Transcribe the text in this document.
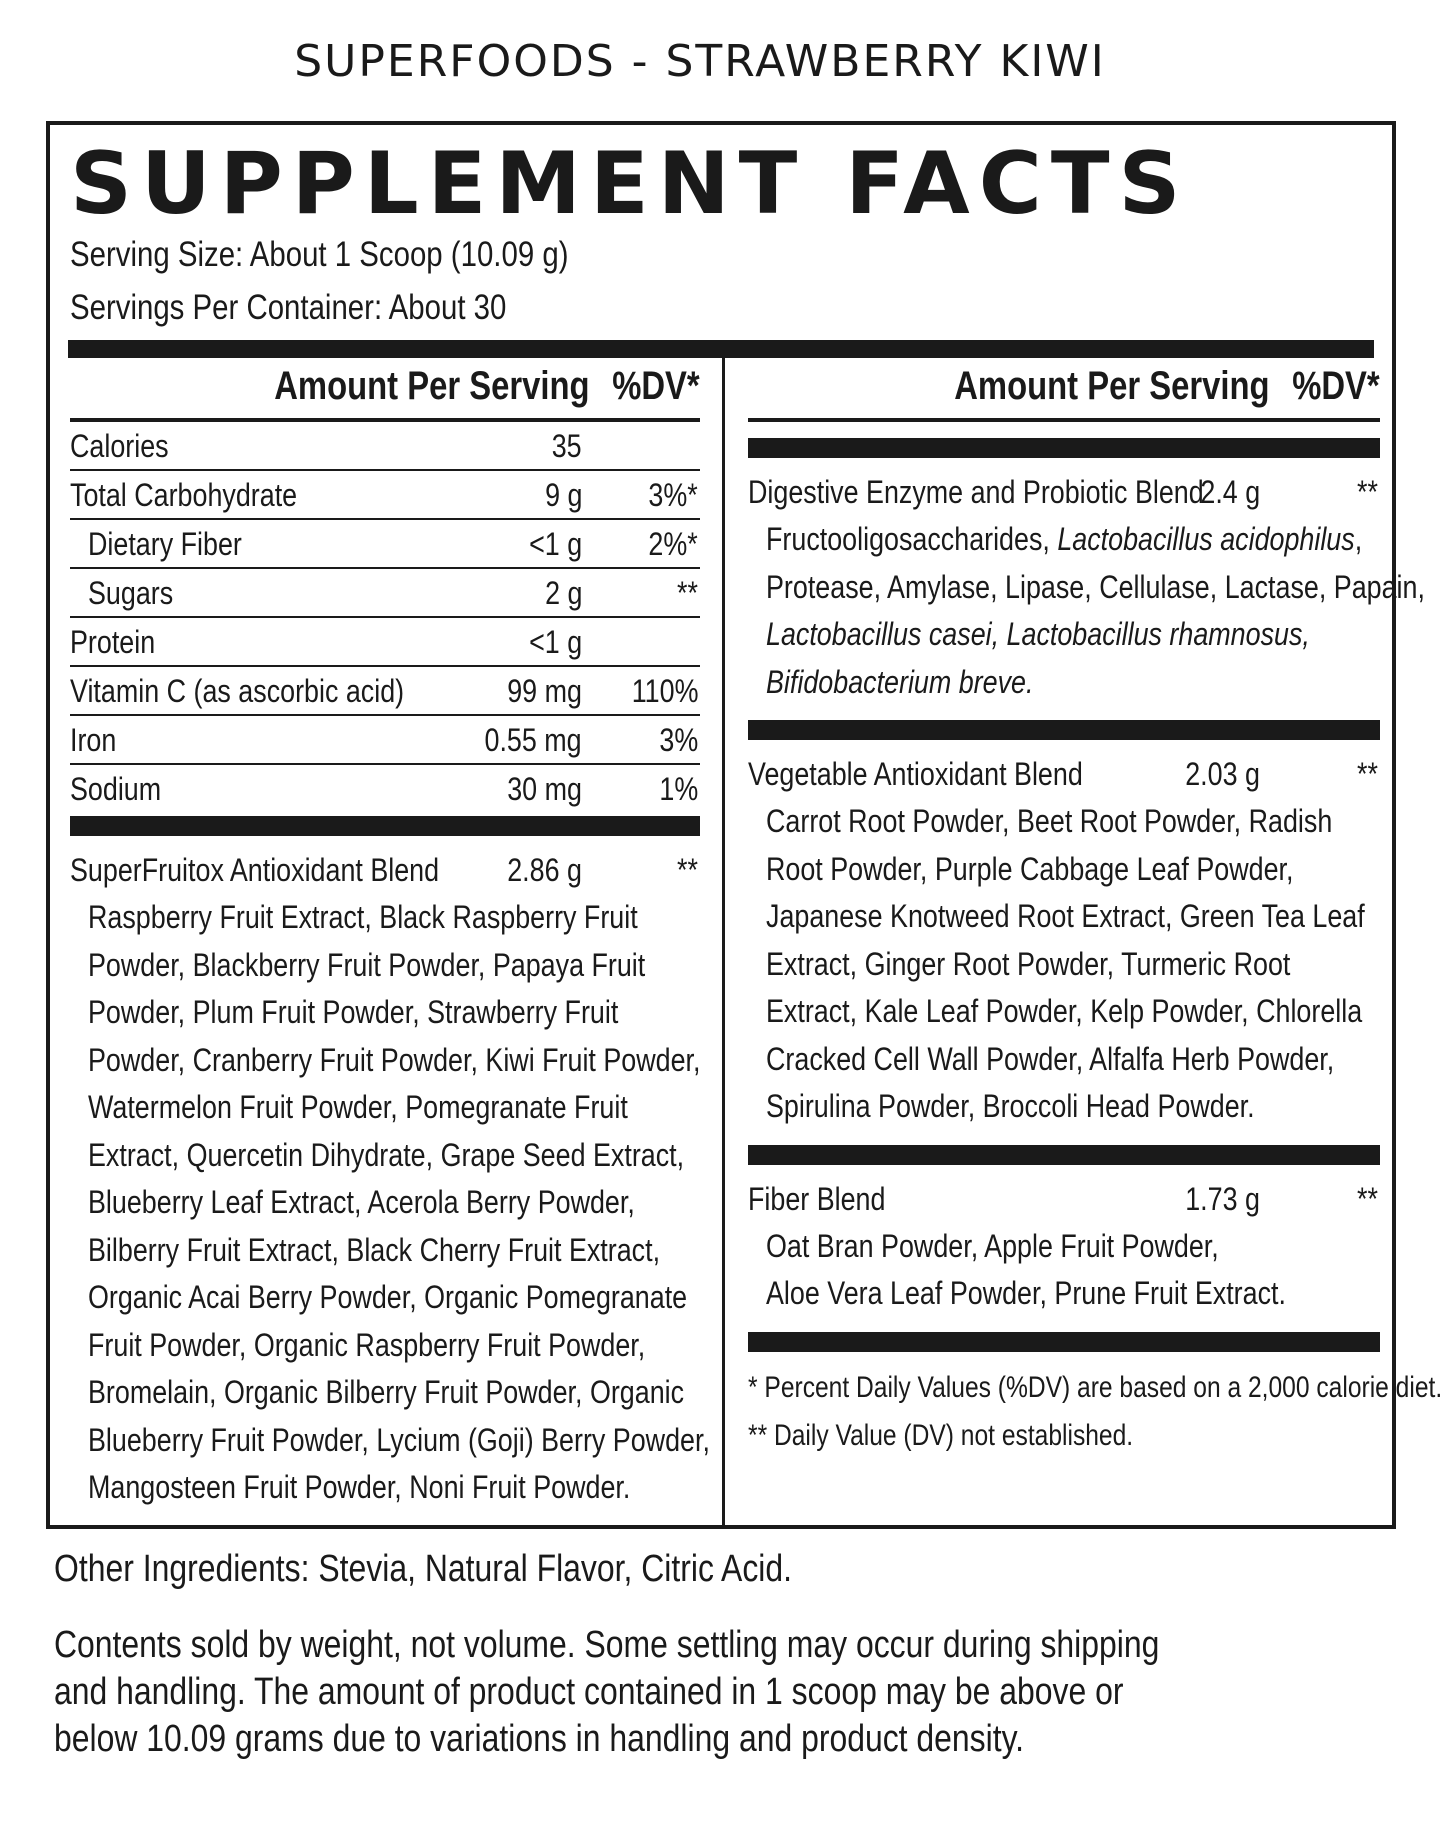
SUPERFOODS - STRAWBERRY KIWI
SUPPLEMENT FACTS
Serving Size: About 1 Scoop (10.09 g)
Servings Per Container: About 30
Amount Per Serving %DV*
Calories	35
Total Carbohydrate	9 g 3%*
Dietary Fiber	<1 g 2%*
Sugars	2 g	**
Protein	<1 g
Vitamin C (as ascorbic acid)	99 mg 110%
Iron	0.55 mg 3%
Sodium	30 mg 1%
SuperFruitox Antioxidant Blend 2.86 g	**
Raspberry Fruit Extract, Black Raspberry Fruit
Powder, Blackberry Fruit Powder, Papaya Fruit
Powder, Plum Fruit Powder, Strawberry Fruit
Powder, Cranberry Fruit Powder, Kiwi Fruit Powder,
Watermelon Fruit Powder, Pomegranate Fruit
Extract, Quercetin Dihydrate, Grape Seed Extract,
Blueberry Leaf Extract, Acerola Berry Powder,
Bilberry Fruit Extract, Black Cherry Fruit Extract,
Organic Acai Berry Powder, Organic Pomegranate
Fruit Powder, Organic Raspberry Fruit Powder,
Bromelain, Organic Bilberry Fruit Powder, Organic
Blueberry Fruit Powder, Lycium (Goji) Berry Powder,
Mangosteen Fruit Powder, Noni Fruit Powder.
Amount Per Serving %DV*
Digestive Enzyme and Probiotic Blend
2.4 g	**
Fructooligosaccharides, Lactobacillus acidophilus,
Protease, Amylase, Lipase, Cellulase, Lactase, Papain,
Lactobacillus casei, Lactobacillus rhamnosus,
Bifidobacterium breve.
Vegetable Antioxidant Blend	2.03 g	**
Carrot Root Powder, Beet Root Powder, Radish
Root Powder, Purple Cabbage Leaf Powder,
Japanese Knotweed Root Extract, Green Tea Leaf
Extract, Ginger Root Powder, Turmeric Root
Extract, Kale Leaf Powder, Kelp Powder, Chlorella
Cracked Cell Wall Powder, Alfalfa Herb Powder,
Spirulina Powder, Broccoli Head Powder.
Fiber Blend	1.73 g	**
Oat Bran Powder, Apple Fruit Powder,
Aloe Vera Leaf Powder, Prune Fruit Extract.
* Percent Daily Values (%DV) are based on a 2,000 calorie diet.
** Daily Value (DV) not established.
Other Ingredients: Stevia, Natural Flavor, Citric Acid.
Contents sold by weight, not volume. Some settling may occur during shipping
and handling. The amount of product contained in 1 scoop may be above or
below 10.09 grams due to variations in handling and product density.
